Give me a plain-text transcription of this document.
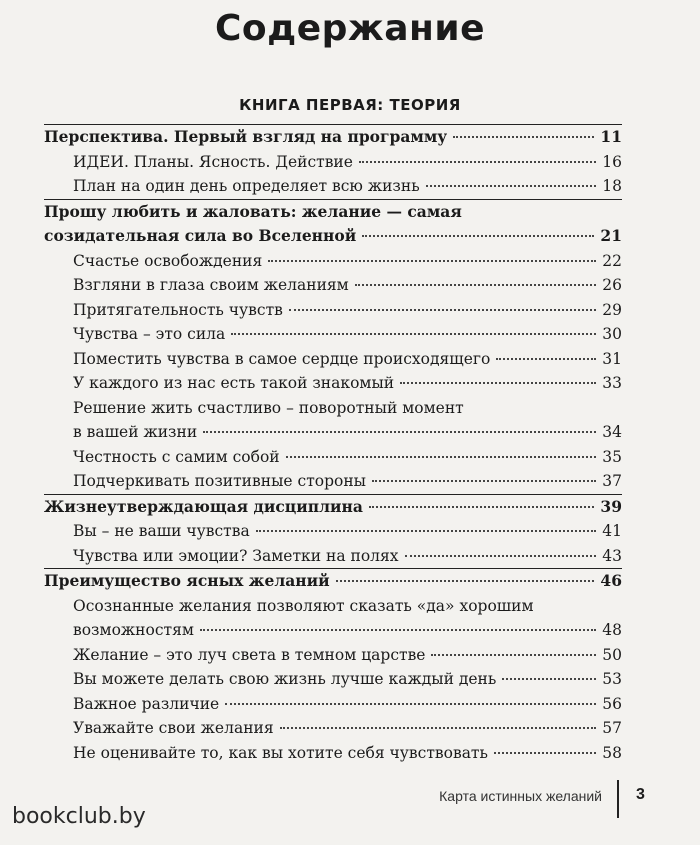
Содержание
КНИГА ПЕРВАЯ: ТЕОРИЯ
Перспектива. Первый взгляд на программу	11
ИДЕИ. Планы. Ясность. Действие	16
План на один день определяет всю жизнь	18
Прошу любить и жаловать: желание — самая
созидательная сила во Вселенной	21
Счастье освобождения	22
Взгляни в глаза своим желаниям	26
Притягательность чувств	29
Чувства – это сила	30
Поместить чувства в самое сердце происходящего	31
У каждого из нас есть такой знакомый	33
Решение жить счастливо – поворотный момент
в вашей жизни	34
Честность с самим собой	35
Подчеркивать позитивные стороны	37
Жизнеутверждающая дисциплина	39
Вы – не ваши чувства	41
Чувства или эмоции? Заметки на полях	43
Преимущество ясных желаний	46
Осознанные желания позволяют сказать «да» хорошим
возможностям	48
Желание – это луч света в темном царстве	50
Вы можете делать свою жизнь лучше каждый день	53
Важное различие	56
Уважайте свои желания	57
Не оценивайте то, как вы хотите себя чувствовать	58
Карта истинных желаний 3
bookclub.by
